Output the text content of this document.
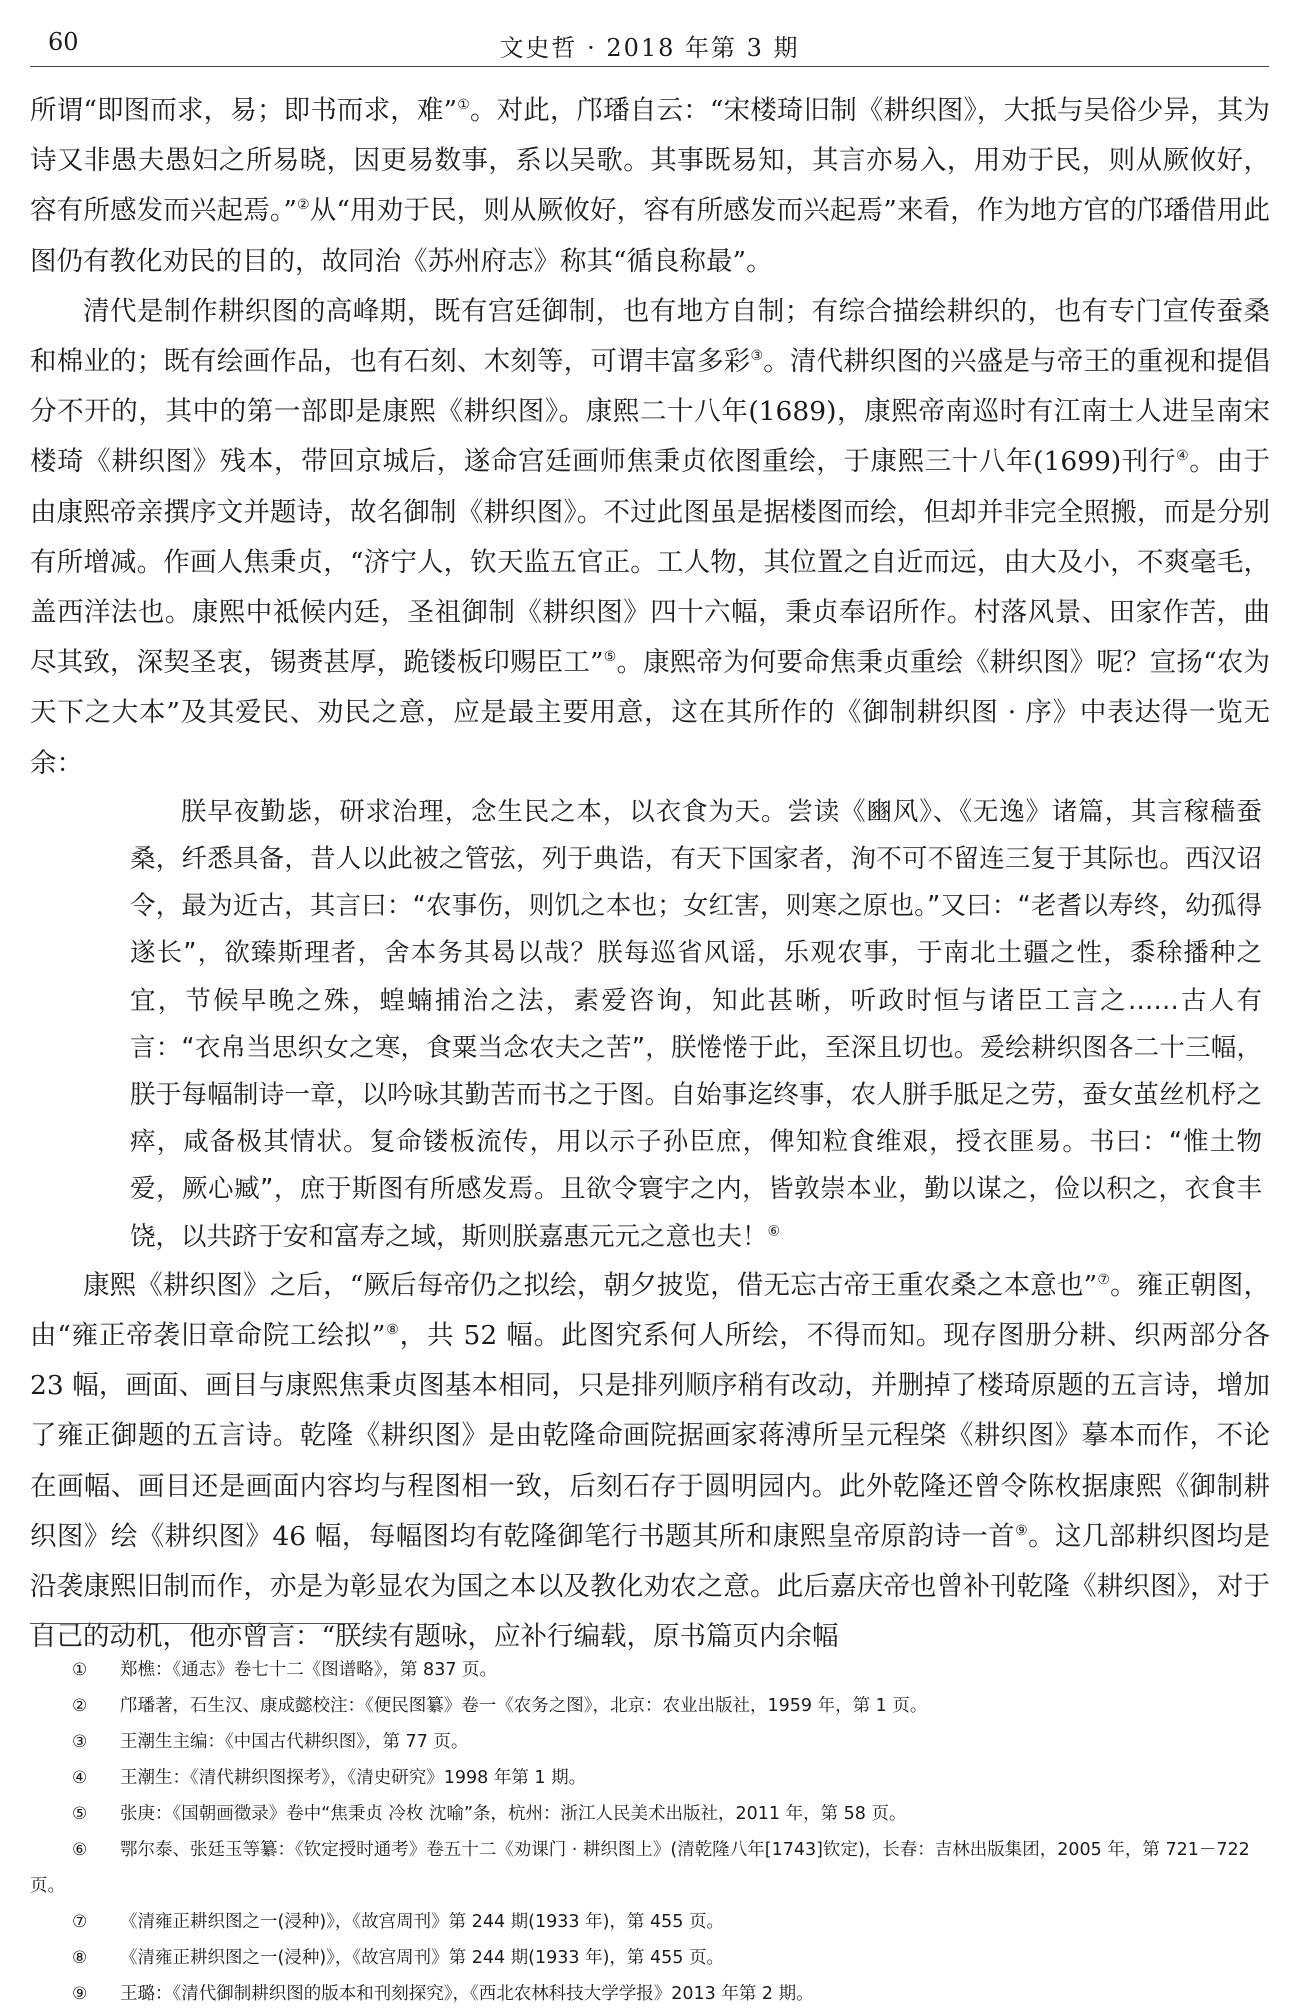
60	文史哲 · 2018 年第 3 期

所谓“即图而求，易；即书而求，难”①。对此，邝璠自云：“宋楼琦旧制《耕织图》，大抵与吴俗少异，其为诗又非愚夫愚妇之所易晓，因更易数事，系以吴歌。其事既易知，其言亦易入，用劝于民，则从厥攸好，容有所感发而兴起焉。”②从“用劝于民，则从厥攸好，容有所感发而兴起焉”来看，作为地方官的邝璠借用此图仍有教化劝民的目的，故同治《苏州府志》称其“循良称最”。

清代是制作耕织图的高峰期，既有宫廷御制，也有地方自制；有综合描绘耕织的，也有专门宣传蚕桑和棉业的；既有绘画作品，也有石刻、木刻等，可谓丰富多彩③。清代耕织图的兴盛是与帝王的重视和提倡分不开的，其中的第一部即是康熙《耕织图》。康熙二十八年(1689)，康熙帝南巡时有江南士人进呈南宋楼琦《耕织图》残本，带回京城后，遂命宫廷画师焦秉贞依图重绘，于康熙三十八年(1699)刊行④。由于由康熙帝亲撰序文并题诗，故名御制《耕织图》。不过此图虽是据楼图而绘，但却并非完全照搬，而是分别有所增减。作画人焦秉贞，“济宁人，钦天监五官正。工人物，其位置之自近而远，由大及小，不爽毫毛，盖西洋法也。康熙中祗候内廷，圣祖御制《耕织图》四十六幅，秉贞奉诏所作。村落风景、田家作苦，曲尽其致，深契圣衷，锡赉甚厚，跪镂板印赐臣工”⑤。康熙帝为何要命焦秉贞重绘《耕织图》呢？宣扬“农为天下之大本”及其爱民、劝民之意，应是最主要用意，这在其所作的《御制耕织图 · 序》中表达得一览无余：

朕早夜勤毖，研求治理，念生民之本，以衣食为天。尝读《豳风》、《无逸》诸篇，其言稼穑蚕桑，纤悉具备，昔人以此被之管弦，列于典诰，有天下国家者，洵不可不留连三复于其际也。西汉诏令，最为近古，其言曰：“农事伤，则饥之本也；女红害，则寒之原也。”又曰：“老耆以寿终，幼孤得遂长”，欲臻斯理者，舍本务其曷以哉？朕每巡省风谣，乐观农事，于南北土疆之性，黍稌播种之宜，节候早晚之殊，蝗蝻捕治之法，素爱咨询，知此甚晰，听政时恒与诸臣工言之……古人有言：“衣帛当思织女之寒，食粟当念农夫之苦”，朕惓惓于此，至深且切也。爰绘耕织图各二十三幅，朕于每幅制诗一章，以吟咏其勤苦而书之于图。自始事迄终事，农人胼手胝足之劳，蚕女茧丝机杼之瘁，咸备极其情状。复命镂板流传，用以示子孙臣庶，俾知粒食维艰，授衣匪易。书曰：“惟土物爱，厥心臧”，庶于斯图有所感发焉。且欲令寰宇之内，皆敦崇本业，勤以谋之，俭以积之，衣食丰饶，以共跻于安和富寿之域，斯则朕嘉惠元元之意也夫！⑥

康熙《耕织图》之后，“厥后每帝仍之拟绘，朝夕披览，借无忘古帝王重农桑之本意也”⑦。雍正朝图，由“雍正帝袭旧章命院工绘拟”⑧，共 52 幅。此图究系何人所绘，不得而知。现存图册分耕、织两部分各 23 幅，画面、画目与康熙焦秉贞图基本相同，只是排列顺序稍有改动，并删掉了楼琦原题的五言诗，增加了雍正御题的五言诗。乾隆《耕织图》是由乾隆命画院据画家蒋溥所呈元程棨《耕织图》摹本而作，不论在画幅、画目还是画面内容均与程图相一致，后刻石存于圆明园内。此外乾隆还曾令陈枚据康熙《御制耕织图》绘《耕织图》46 幅，每幅图均有乾隆御笔行书题其所和康熙皇帝原韵诗一首⑨。这几部耕织图均是沿袭康熙旧制而作，亦是为彰显农为国之本以及教化劝农之意。此后嘉庆帝也曾补刊乾隆《耕织图》，对于自己的动机，他亦曾言：“朕续有题咏，应补行编载，原书篇页内余幅

① 郑樵：《通志》卷七十二《图谱略》，第 837 页。
② 邝璠著，石生汉、康成懿校注：《便民图纂》卷一《农务之图》，北京：农业出版社，1959 年，第 1 页。
③ 王潮生主编：《中国古代耕织图》，第 77 页。
④ 王潮生：《清代耕织图探考》，《清史研究》1998 年第 1 期。
⑤ 张庚：《国朝画徵录》卷中“焦秉贞 冷枚 沈喻”条，杭州：浙江人民美术出版社，2011 年，第 58 页。
⑥ 鄂尔泰、张廷玉等纂：《钦定授时通考》卷五十二《劝课门 · 耕织图上》(清乾隆八年[1743]钦定)，长春：吉林出版集团，2005 年，第 721－722 页。
⑦ 《清雍正耕织图之一(浸种)》，《故宫周刊》第 244 期(1933 年)，第 455 页。
⑧ 《清雍正耕织图之一(浸种)》，《故宫周刊》第 244 期(1933 年)，第 455 页。
⑨ 王璐：《清代御制耕织图的版本和刊刻探究》，《西北农林科技大学学报》2013 年第 2 期。
